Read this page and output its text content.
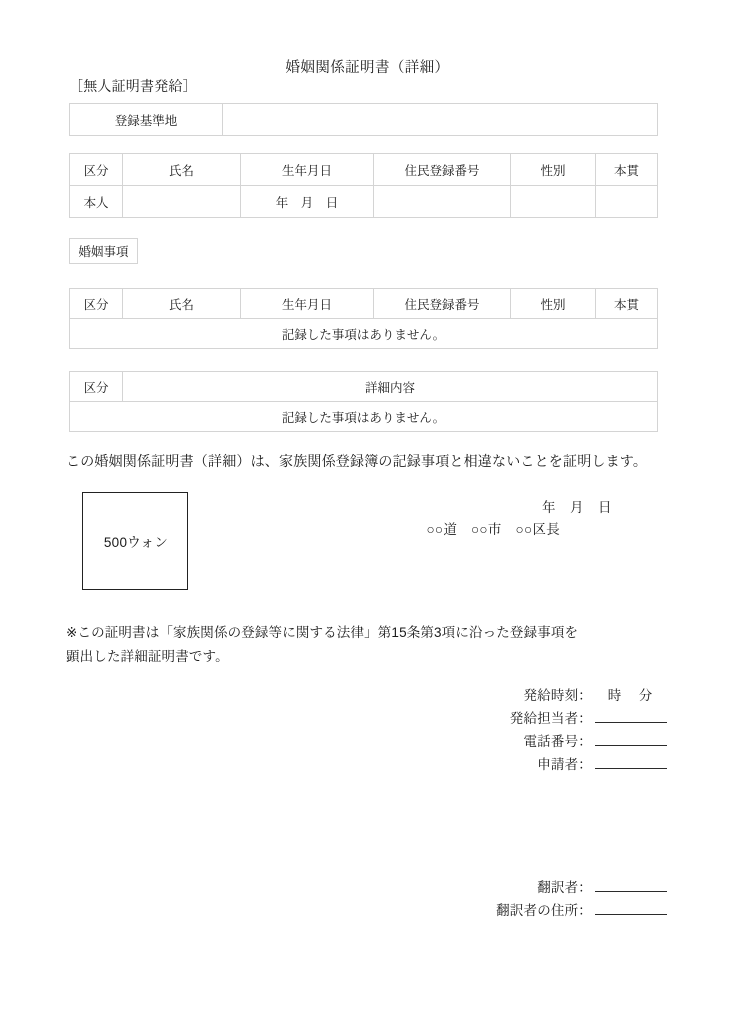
婚姻関係証明書（詳細）
［無人証明書発給］
登録基準地	
区分	氏名	生年月日	住民登録番号	性別	本貫
本人		年　月　日			
婚姻事項
区分	氏名	生年月日	住民登録番号	性別	本貫
記録した事項はありません。
区分	詳細内容
記録した事項はありません。
この婚姻関係証明書（詳細）は、家族関係登録簿の記録事項と相違ないことを証明します。
500ウォン
年　月　日
○○道　○○市　○○区長
※この証明書は「家族関係の登録等に関する法律」第15条第3項に沿った登録事項を
顕出した詳細証明書です。
発給時刻 ：	時　分
発給担当者 ：
電話番号 ：
申請者 ：
翻訳者 ：
翻訳者の住所 ：
